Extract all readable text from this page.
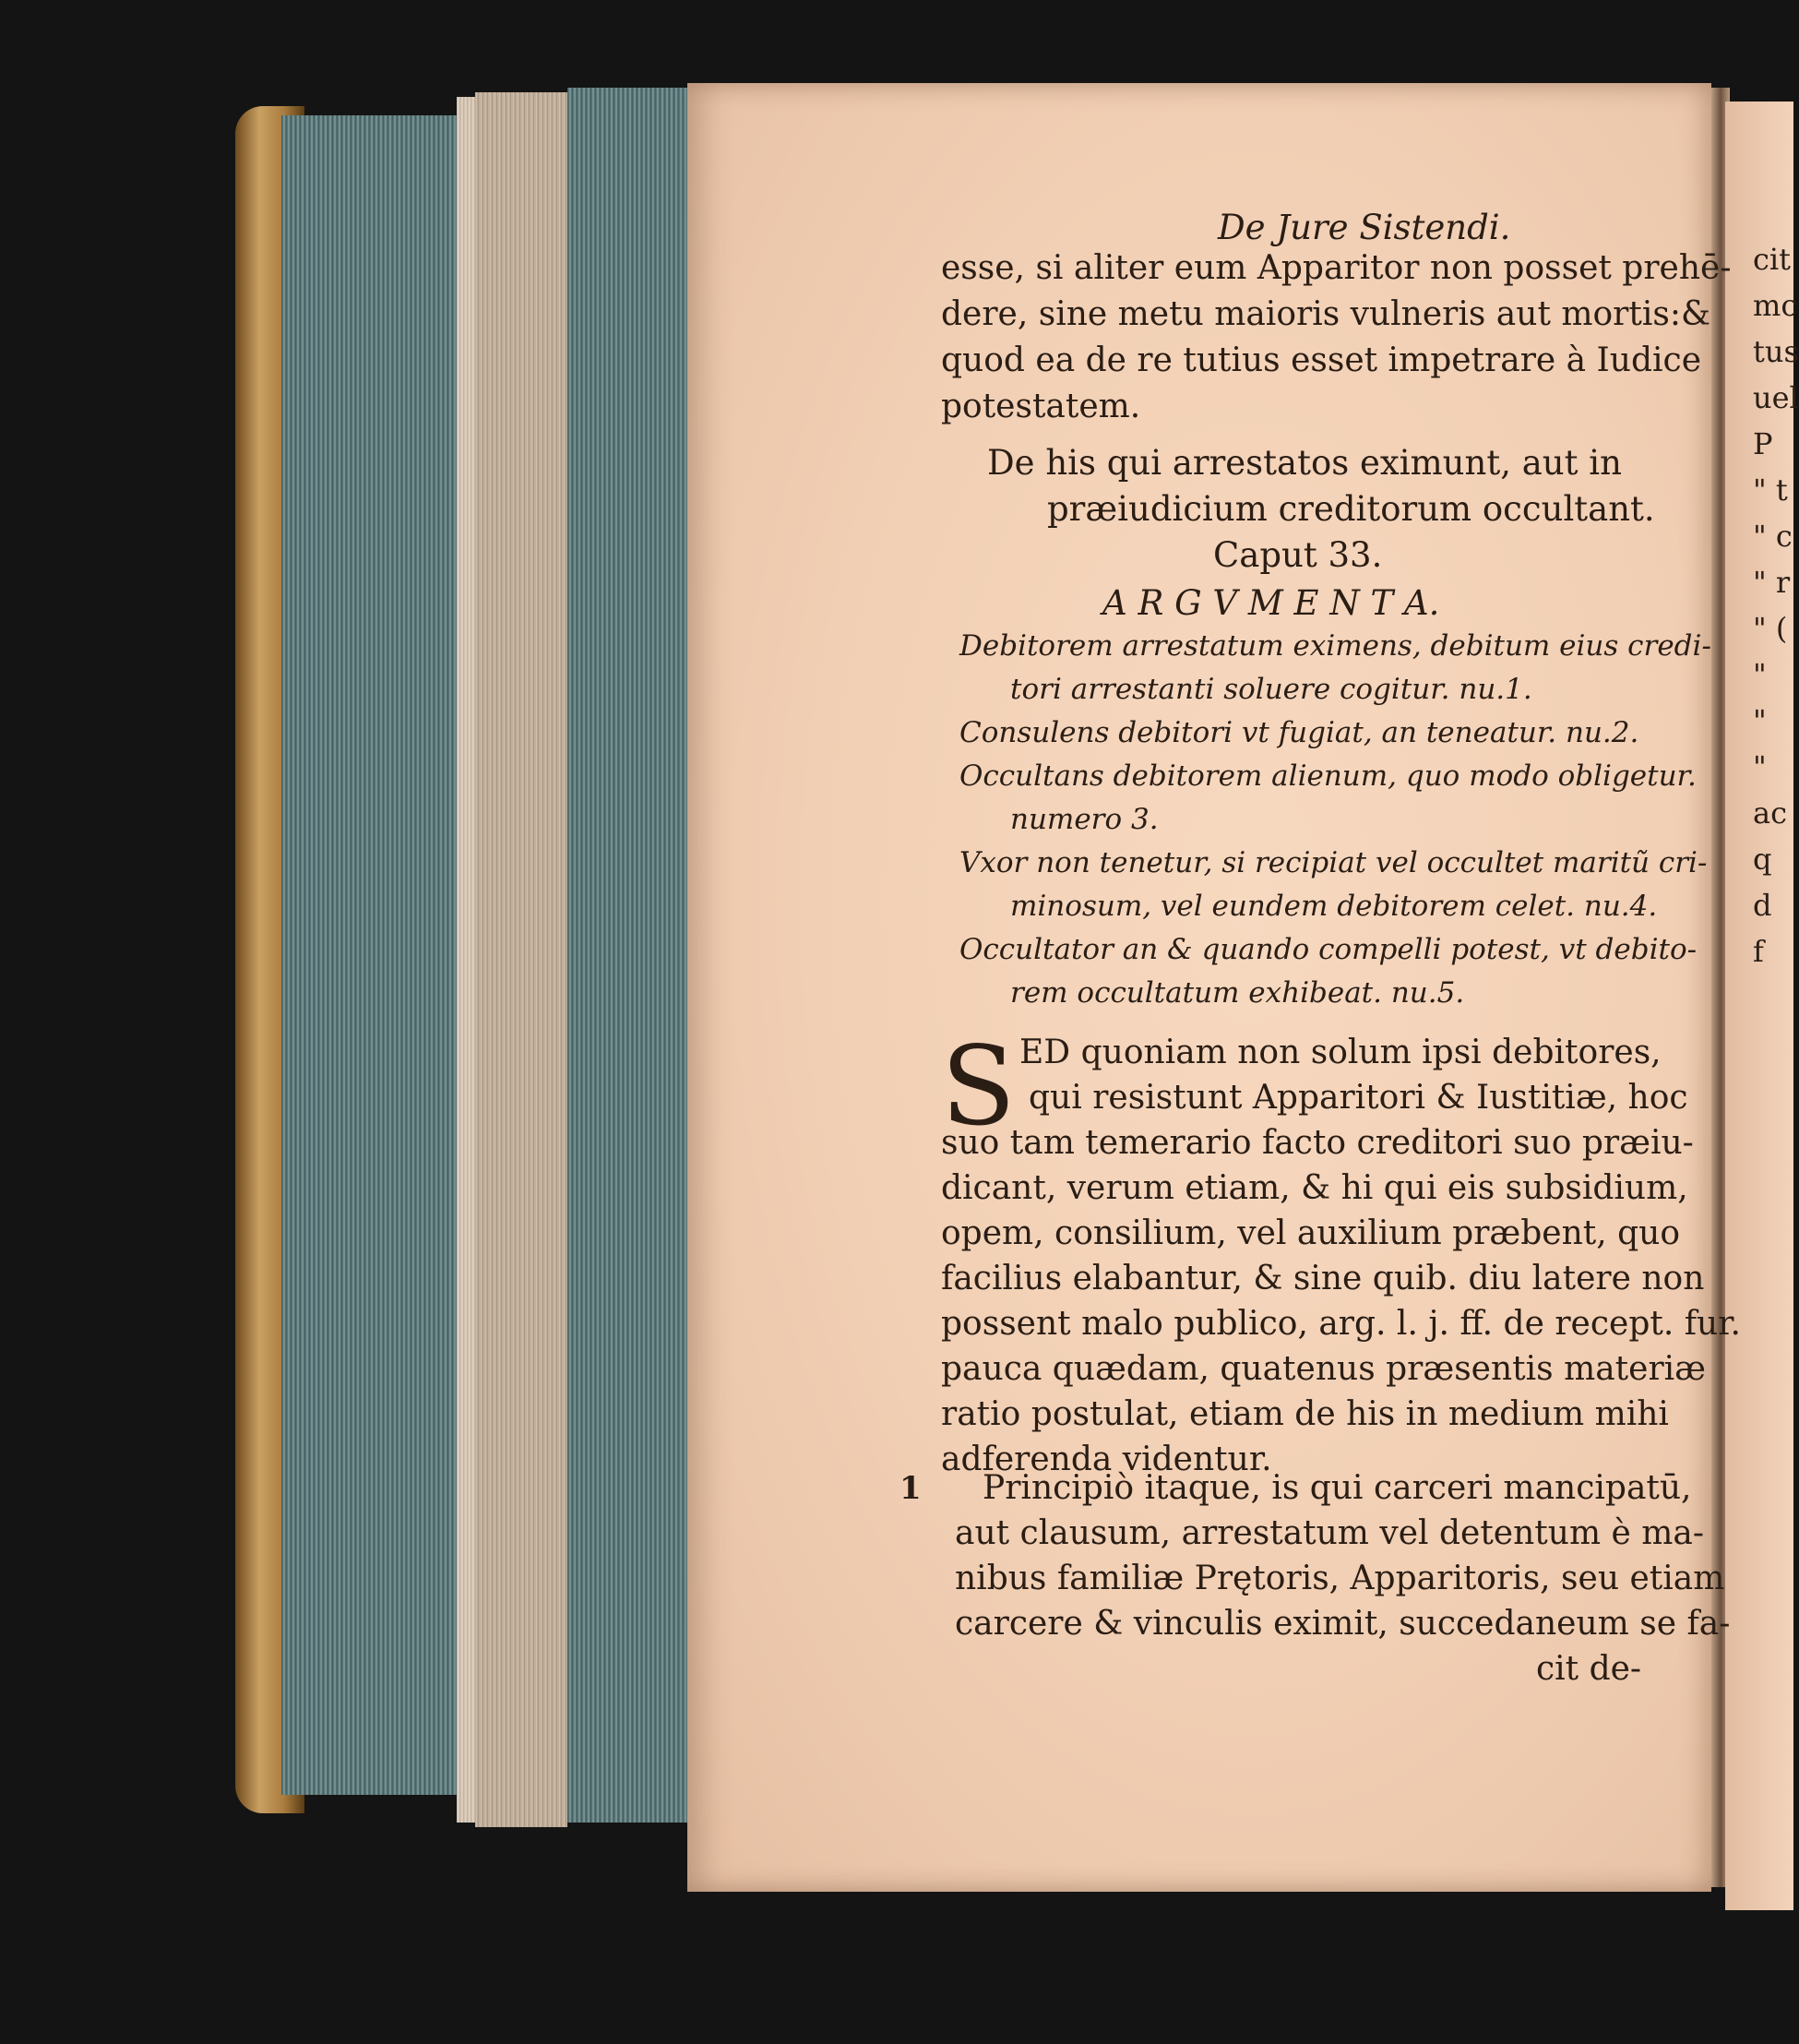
De Jure Sistendi.
esse, si aliter eum Apparitor non posset prehē-
dere, sine metu maioris vulneris aut mortis:&
quod ea de re tutius esset impetrare à Iudice
potestatem.
De his qui arrestatos eximunt, aut in
præiudicium creditorum occultant.
Caput 33.
A R G V M E N T A.
Debitorem arrestatum eximens, debitum eius credi-
tori arrestanti soluere cogitur. nu.1.
Consulens debitori vt fugiat, an teneatur. nu.2.
Occultans debitorem alienum, quo modo obligetur.
numero 3.
Vxor non tenetur, si recipiat vel occultet maritũ cri-
minosum, vel eundem debitorem celet. nu.4.
Occultator an & quando compelli potest, vt debito-
rem occultatum exhibeat. nu.5.
S ED quoniam non solum ipsi debitores,
qui resistunt Apparitori & Iustitiæ, hoc
suo tam temerario facto creditori suo præiu-
dicant, verum etiam, & hi qui eis subsidium,
opem, consilium, vel auxilium præbent, quo
facilius elabantur, & sine quib. diu latere non
possent malo publico, arg. l. j. ff. de recept. fur.
pauca quædam, quatenus præsentis materiæ
ratio postulat, etiam de his in medium mihi
adferenda videntur.
1 Principiò itaque, is qui carceri mancipatū,
aut clausum, arrestatum vel detentum è ma-
nibus familiæ Prętoris, Apparitoris, seu etiam
carcere & vinculis eximit, succedaneum se fa-
cit de-
cit
mc
tus
uel
P
" t
" c
" r
" (
"
"
"
ac
q
d
f
